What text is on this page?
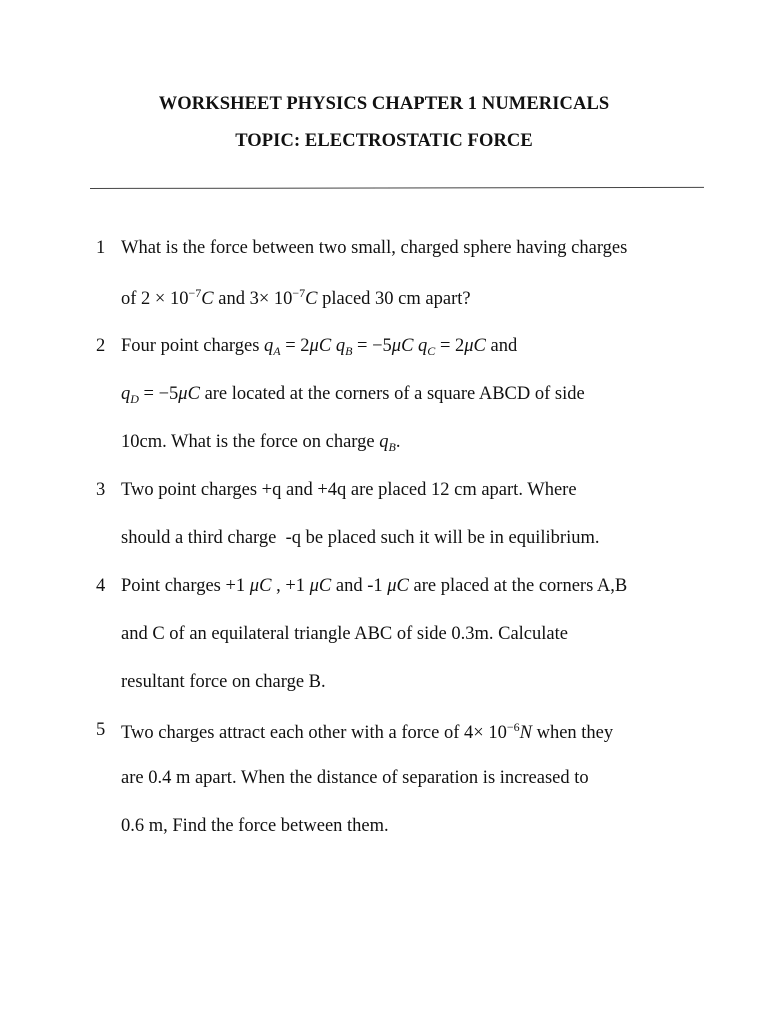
WORKSHEET PHYSICS CHAPTER 1 NUMERICALS
TOPIC: ELECTROSTATIC FORCE
1 What is the force between two small, charged sphere having charges
of $2 \times 10^{-7}C$ and $3\times 10^{-7}C$ placed 30 cm apart?
2 Four point charges $q_A = 2\mu C$ $q_B = -5\mu C$ $q_C = 2\mu C$ and
$q_D = -5\mu C$ are located at the corners of a square ABCD of side
10cm. What is the force on charge $q_B$.
3 Two point charges +q and +4q are placed 12 cm apart. Where
should a third charge  -q be placed such it will be in equilibrium.
4 Point charges +1 μC , +1 μC and -1 μC are placed at the corners A,B
and C of an equilateral triangle ABC of side 0.3m. Calculate
resultant force on charge B.
5 Two charges attract each other with a force of $4\times 10^{-6}N$ when they
are 0.4 m apart. When the distance of separation is increased to
0.6 m, Find the force between them.
